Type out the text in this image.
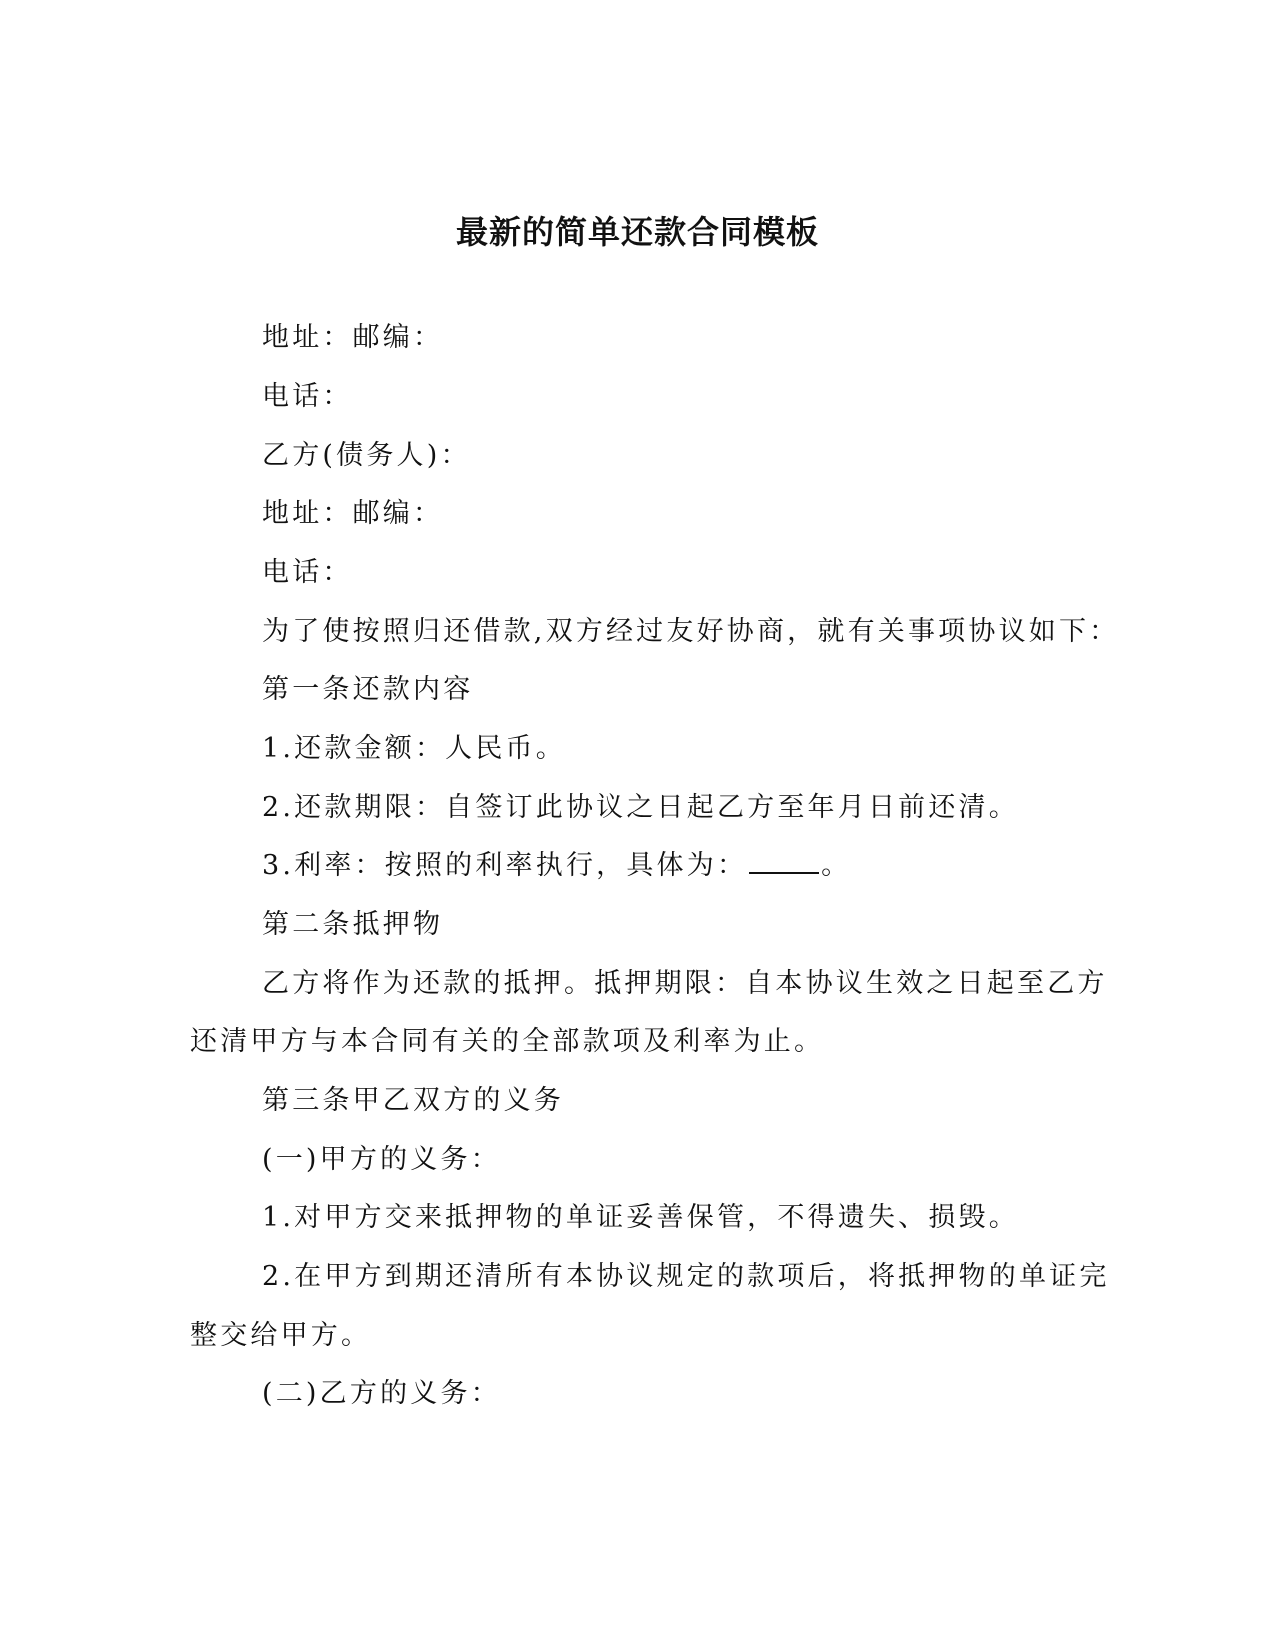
最新的简单还款合同模板
地址：邮编：
电话：
乙方(债务人)：
地址：邮编：
电话：
为了使按照归还借款,双方经过友好协商，就有关事项协议如下：
第一条还款内容
1.还款金额：人民币。
2.还款期限：自签订此协议之日起乙方至年月日前还清。
3.利率：按照的利率执行，具体为：	。
第二条抵押物
乙方将作为还款的抵押。抵押期限：自本协议生效之日起至乙方
还清甲方与本合同有关的全部款项及利率为止。
第三条甲乙双方的义务
(一)甲方的义务：
1.对甲方交来抵押物的单证妥善保管，不得遗失、损毁。
2.在甲方到期还清所有本协议规定的款项后，将抵押物的单证完
整交给甲方。
(二)乙方的义务：
